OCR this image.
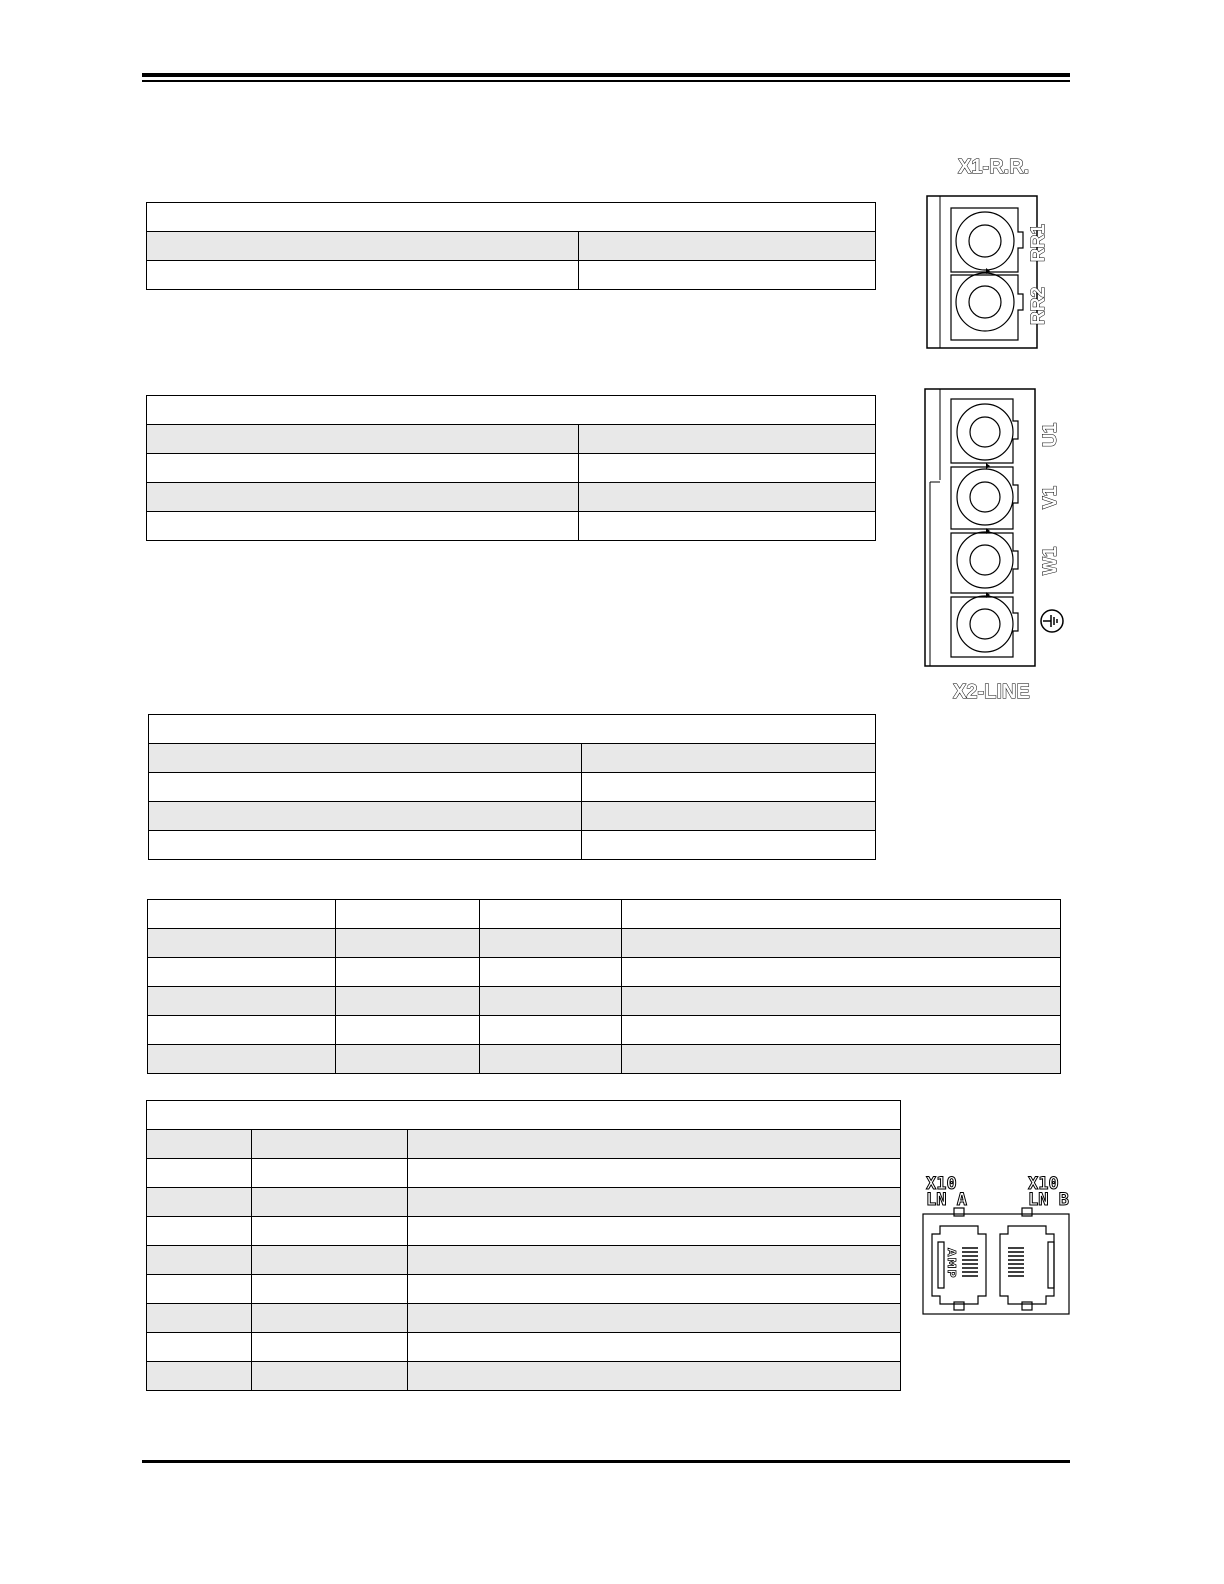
X1-R.R.
RR1
RR2
U1
V1
W1
X2-LINE
X10
LN A
X10
LN B
AMP
